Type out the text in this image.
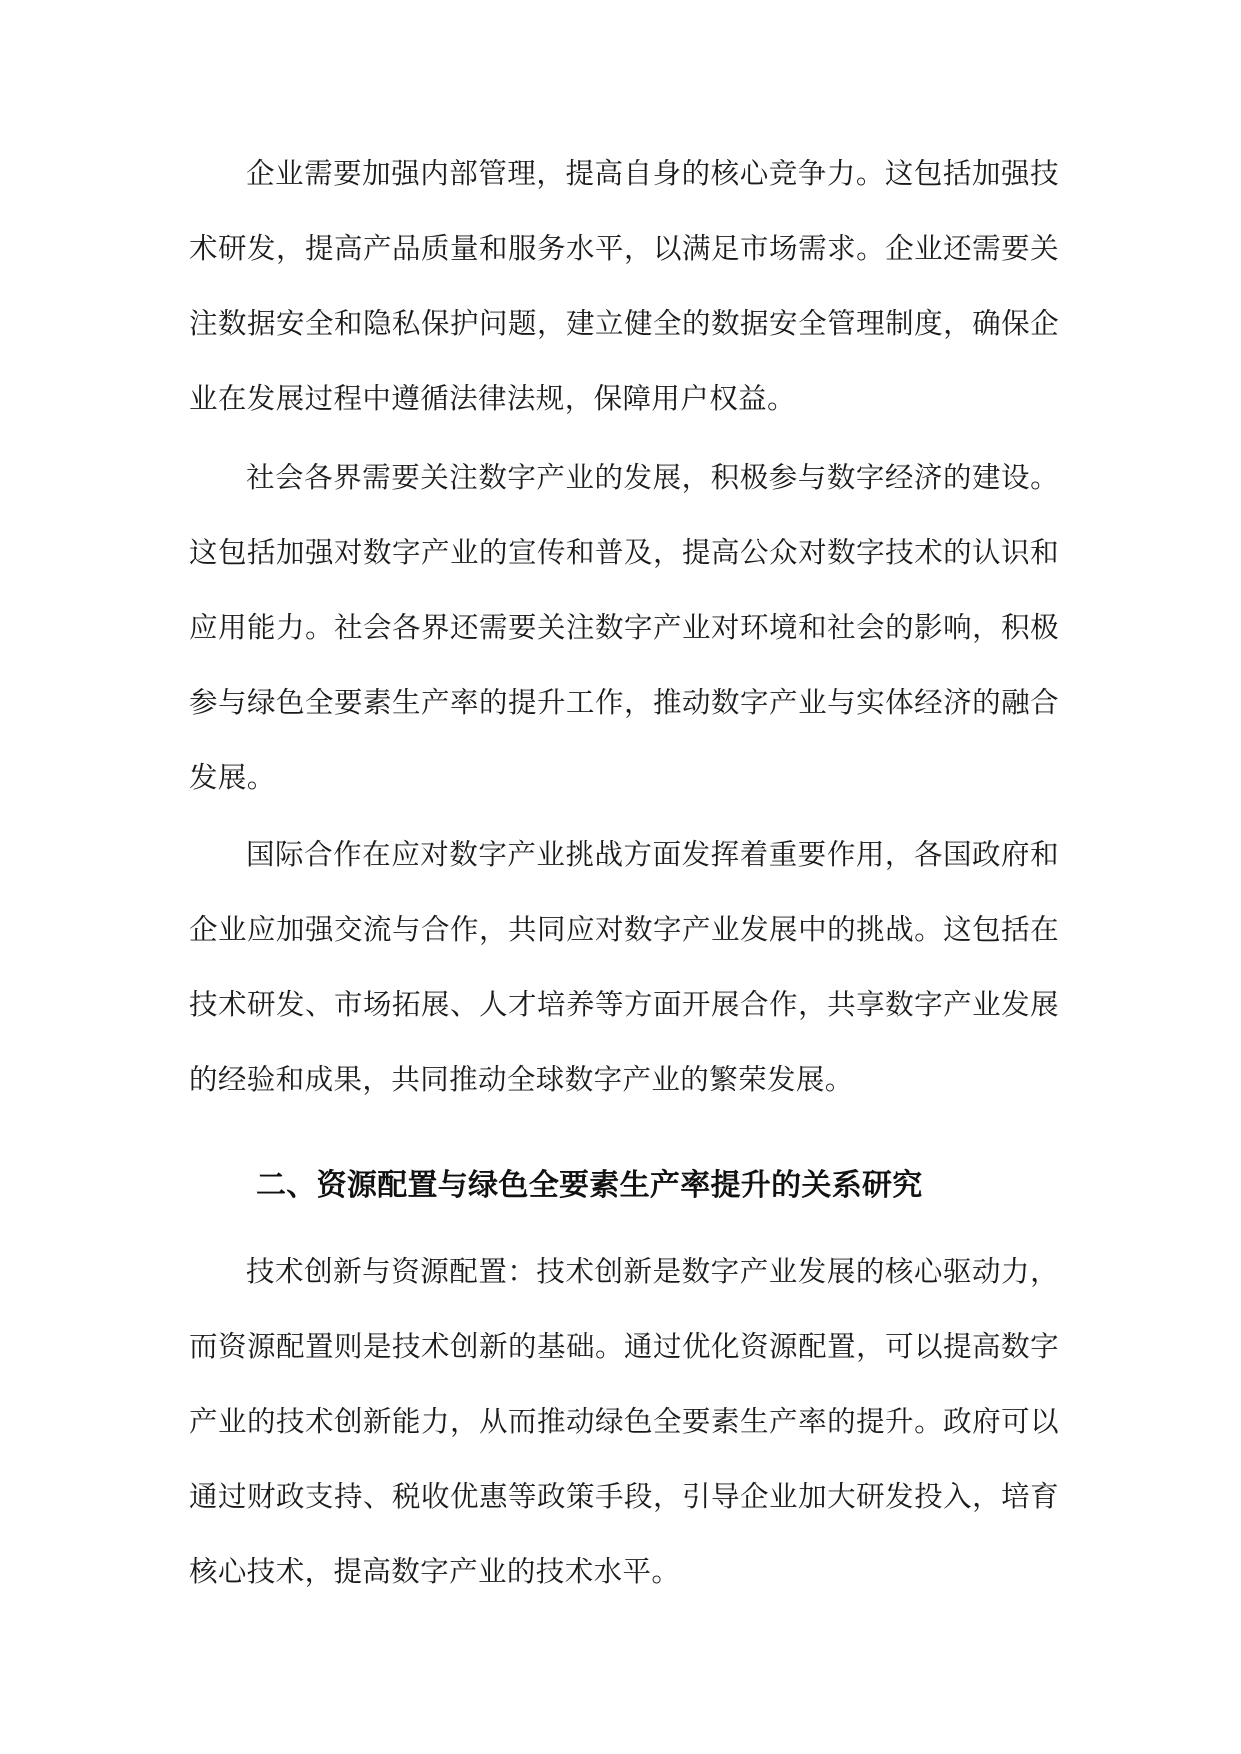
企业需要加强内部管理，提高自身的核心竞争力。这包括加强技术研发，提高产品质量和服务水平，以满足市场需求。企业还需要关注数据安全和隐私保护问题，建立健全的数据安全管理制度，确保企业在发展过程中遵循法律法规，保障用户权益。

社会各界需要关注数字产业的发展，积极参与数字经济的建设。这包括加强对数字产业的宣传和普及，提高公众对数字技术的认识和应用能力。社会各界还需要关注数字产业对环境和社会的影响，积极参与绿色全要素生产率的提升工作，推动数字产业与实体经济的融合发展。

国际合作在应对数字产业挑战方面发挥着重要作用，各国政府和企业应加强交流与合作，共同应对数字产业发展中的挑战。这包括在技术研发、市场拓展、人才培养等方面开展合作，共享数字产业发展的经验和成果，共同推动全球数字产业的繁荣发展。

二、资源配置与绿色全要素生产率提升的关系研究

技术创新与资源配置：技术创新是数字产业发展的核心驱动力，而资源配置则是技术创新的基础。通过优化资源配置，可以提高数字产业的技术创新能力，从而推动绿色全要素生产率的提升。政府可以通过财政支持、税收优惠等政策手段，引导企业加大研发投入，培育核心技术，提高数字产业的技术水平。
